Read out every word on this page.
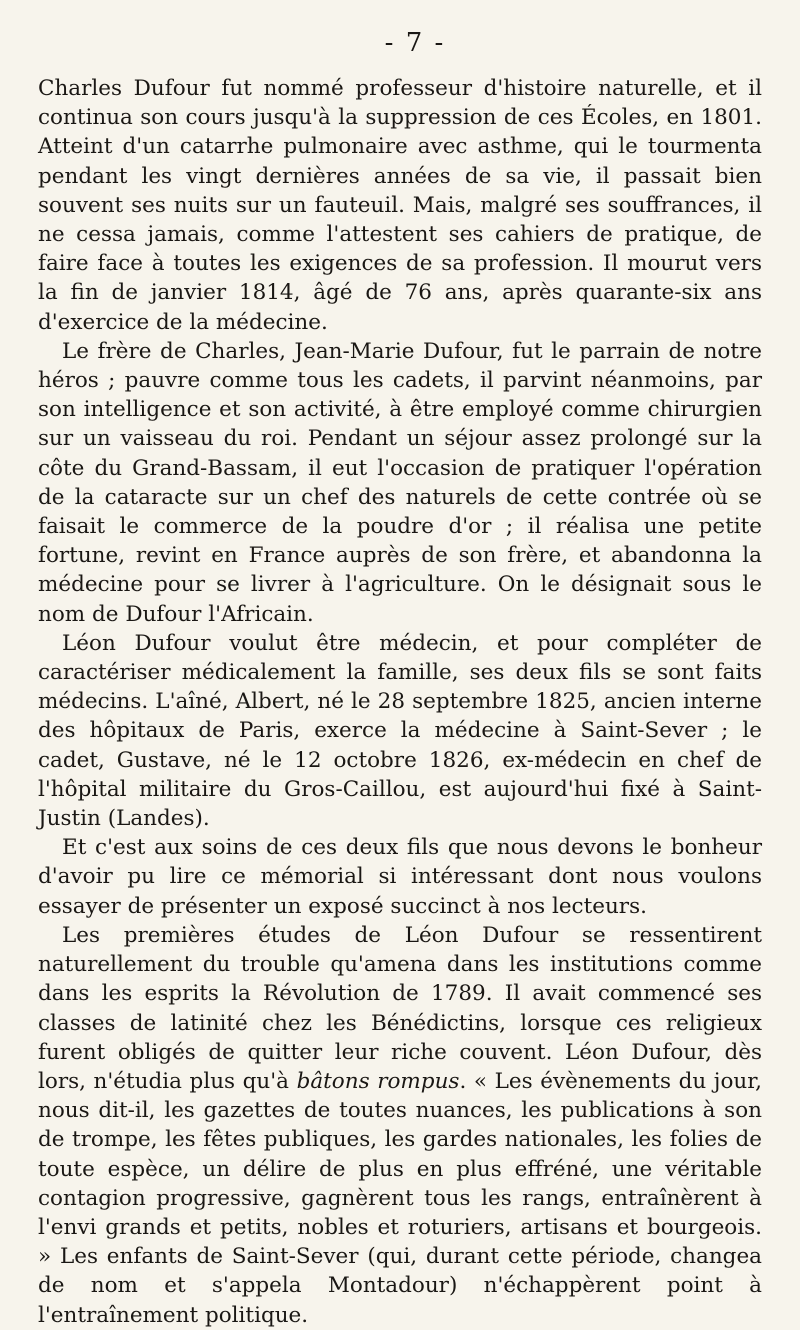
- 7 -

Charles Dufour fut nommé professeur d'histoire naturelle, et il continua son cours jusqu'à la suppression de ces Écoles, en 1801. Atteint d'un catarrhe pulmonaire avec asthme, qui le tourmenta pendant les vingt dernières années de sa vie, il passait bien souvent ses nuits sur un fauteuil. Mais, malgré ses souffrances, il ne cessa jamais, comme l'attestent ses cahiers de pratique, de faire face à toutes les exigences de sa profession. Il mourut vers la fin de janvier 1814, âgé de 76 ans, après quarante-six ans d'exercice de la médecine.

Le frère de Charles, Jean-Marie Dufour, fut le parrain de notre héros ; pauvre comme tous les cadets, il parvint néanmoins, par son intelligence et son activité, à être employé comme chirurgien sur un vaisseau du roi. Pendant un séjour assez prolongé sur la côte du Grand-Bassam, il eut l'occasion de pratiquer l'opération de la cataracte sur un chef des naturels de cette contrée où se faisait le commerce de la poudre d'or ; il réalisa une petite fortune, revint en France auprès de son frère, et abandonna la médecine pour se livrer à l'agriculture. On le désignait sous le nom de Dufour l'Africain.

Léon Dufour voulut être médecin, et pour compléter de caractériser médicalement la famille, ses deux fils se sont faits médecins. L'aîné, Albert, né le 28 septembre 1825, ancien interne des hôpitaux de Paris, exerce la médecine à Saint-Sever ; le cadet, Gustave, né le 12 octobre 1826, ex-médecin en chef de l'hôpital militaire du Gros-Caillou, est aujourd'hui fixé à Saint-Justin (Landes).

Et c'est aux soins de ces deux fils que nous devons le bonheur d'avoir pu lire ce mémorial si intéressant dont nous voulons essayer de présenter un exposé succinct à nos lecteurs.

Les premières études de Léon Dufour se ressentirent naturellement du trouble qu'amena dans les institutions comme dans les esprits la Révolution de 1789. Il avait commencé ses classes de latinité chez les Bénédictins, lorsque ces religieux furent obligés de quitter leur riche couvent. Léon Dufour, dès lors, n'étudia plus qu'à bâtons rompus. « Les évènements du jour, nous dit-il, les gazettes de toutes nuances, les publications à son de trompe, les fêtes publiques, les gardes nationales, les folies de toute espèce, un délire de plus en plus effréné, une véritable contagion progressive, gagnèrent tous les rangs, entraînèrent à l'envi grands et petits, nobles et roturiers, artisans et bourgeois. » Les enfants de Saint-Sever (qui, durant cette période, changea de nom et s'appela Montadour) n'échappèrent point à l'entraînement politique.
